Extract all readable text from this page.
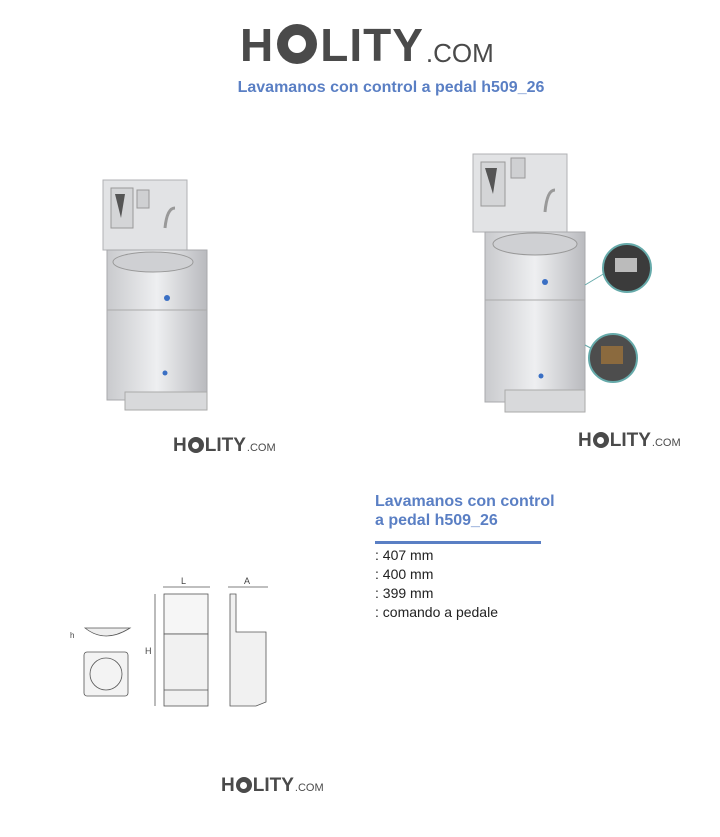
H LITY .COM
Lavamanos con control a pedal h509_26
H LITY .COM	H LITY .COM
h
L
H
A
H LITY .COM
Lavamanos con control
a pedal h509_26
: 407 mm
: 400 mm
: 399 mm
: comando a pedale
